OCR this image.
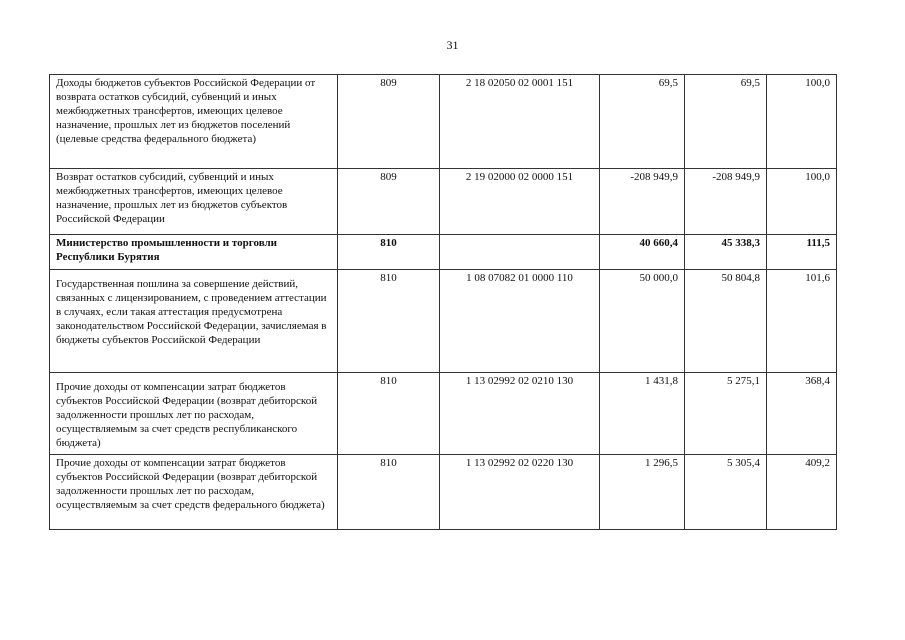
31
Доходы бюджетов субъектов Российской Федерации от возврата остатков субсидий, субвенций и иных межбюджетных трансфертов, имеющих целевое назначение, прошлых лет из бюджетов поселений (целевые средства федерального бюджета)	809	2 18 02050 02 0001 151	69,5	69,5	100,0
Возврат остатков субсидий, субвенций и иных межбюджетных трансфертов, имеющих целевое назначение, прошлых лет из бюджетов субъектов Российской Федерации	809	2 19 02000 02 0000 151	-208 949,9	-208 949,9	100,0
Министерство промышленности и торговли Республики Бурятия	810		40 660,4	45 338,3	111,5
Государственная пошлина за совершение действий, связанных с лицензированием, с проведением аттестации в случаях, если такая аттестация предусмотрена законодательством Российской Федерации, зачисляемая в бюджеты субъектов Российской Федерации	810	1 08 07082 01 0000 110	50 000,0	50 804,8	101,6
Прочие доходы от компенсации затрат бюджетов субъектов Российской Федерации (возврат дебиторской задолженности прошлых лет по расходам, осуществляемым за счет средств республиканского бюджета)	810	1 13 02992 02 0210 130	1 431,8	5 275,1	368,4
Прочие доходы от компенсации затрат бюджетов субъектов Российской Федерации (возврат дебиторской задолженности прошлых лет по расходам, осуществляемым за счет средств федерального бюджета)	810	1 13 02992 02 0220 130	1 296,5	5 305,4	409,2
